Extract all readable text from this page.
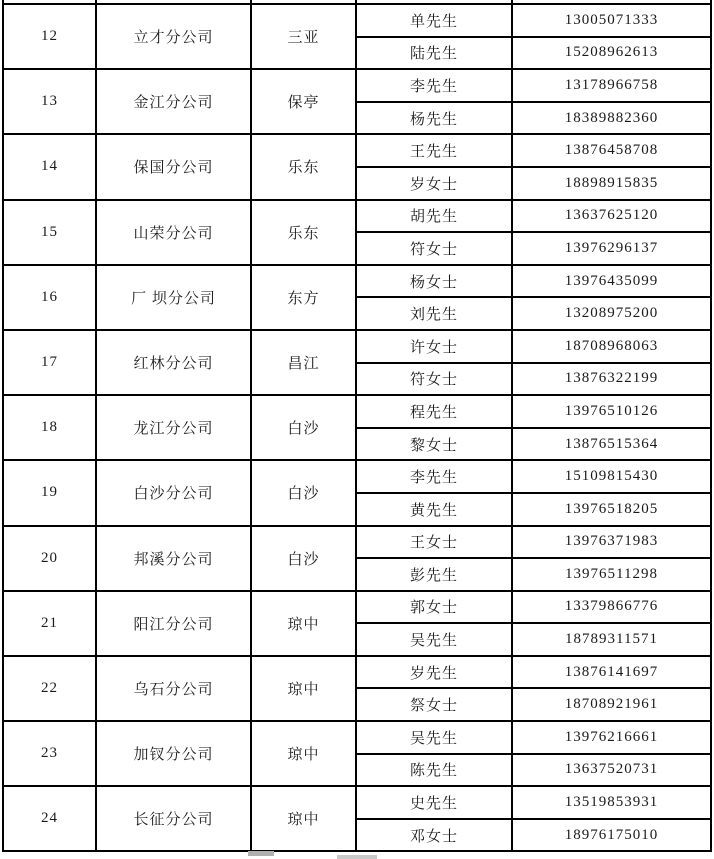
12	立才分公司	三亚	单先生	13005071333
			陆先生	15208962613
13	金江分公司	保亭	李先生	13178966758
			杨先生	18389882360
14	保国分公司	乐东	王先生	13876458708
			岁女士	18898915835
15	山荣分公司	乐东	胡先生	13637625120
			符女士	13976296137
16	厂 坝分公司	东方	杨女士	13976435099
			刘先生	13208975200
17	红林分公司	昌江	许女士	18708968063
			符女士	13876322199
18	龙江分公司	白沙	程先生	13976510126
			黎女士	13876515364
19	白沙分公司	白沙	李先生	15109815430
			黄先生	13976518205
20	邦溪分公司	白沙	王女士	13976371983
			彭先生	13976511298
21	阳江分公司	琼中	郭女士	13379866776
			吴先生	18789311571
22	乌石分公司	琼中	岁先生	13876141697
			祭女士	18708921961
23	加钗分公司	琼中	吴先生	13976216661
			陈先生	13637520731
24	长征分公司	琼中	史先生	13519853931
			邓女士	18976175010
